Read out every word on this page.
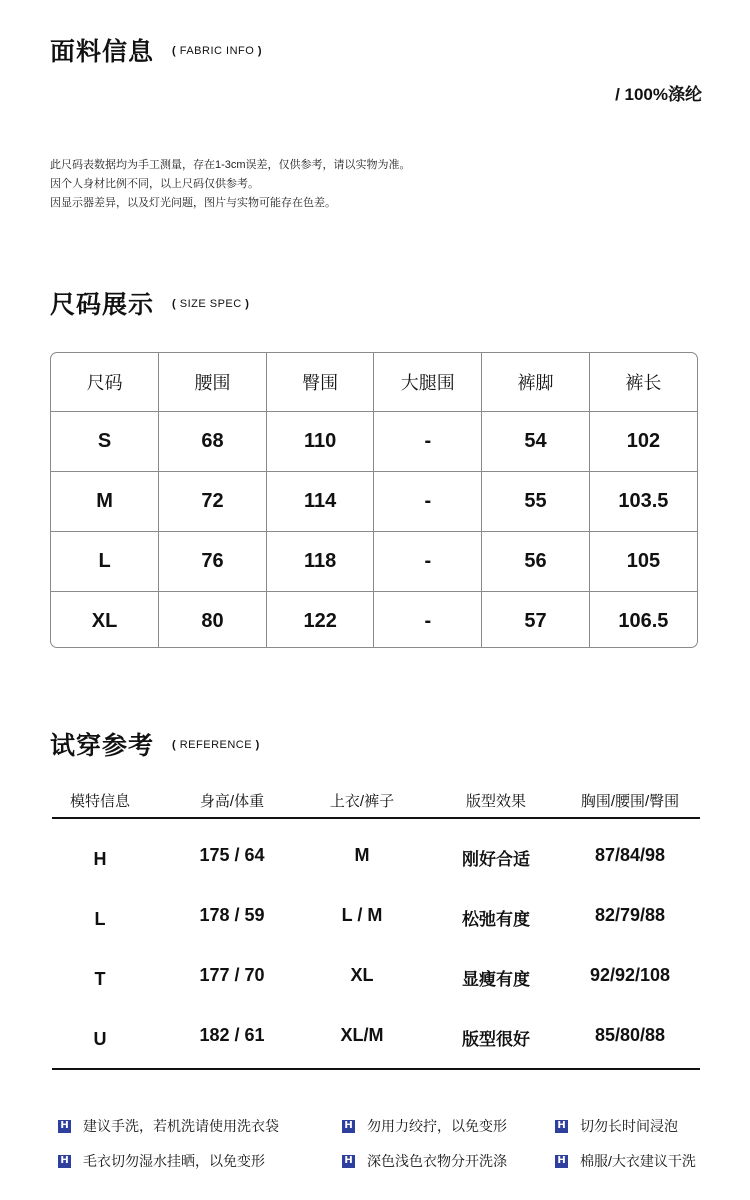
面料信息 ( FABRIC INFO )
/ 100%涤纶
此尺码表数据均为手工测量，存在1-3cm误差，仅供参考，请以实物为准。
因个人身材比例不同，以上尺码仅供参考。
因显示器差异，以及灯光问题，图片与实物可能存在色差。
尺码展示 ( SIZE SPEC )
尺码	腰围	臀围	大腿围	裤脚	裤长
S	68	110	-	54	102
M	72	114	-	55	103.5
L	76	118	-	56	105
XL	80	122	-	57	106.5
试穿参考 ( REFERENCE )
模特信息	身高/体重	上衣/裤子	版型效果	胸围/腰围/臀围
H	175 / 64	M	刚好合适	87/84/98
L	178 / 59	L / M	松弛有度	82/79/88
T	177 / 70	XL	显瘦有度	92/92/108
U	182 / 61	XL/M	版型很好	85/80/88
H 建议手洗，若机洗请使用洗衣袋	H 勿用力绞拧，以免变形	H 切勿长时间浸泡
H 毛衣切勿湿水挂晒，以免变形	H 深色浅色衣物分开洗涤	H 棉服/大衣建议干洗
